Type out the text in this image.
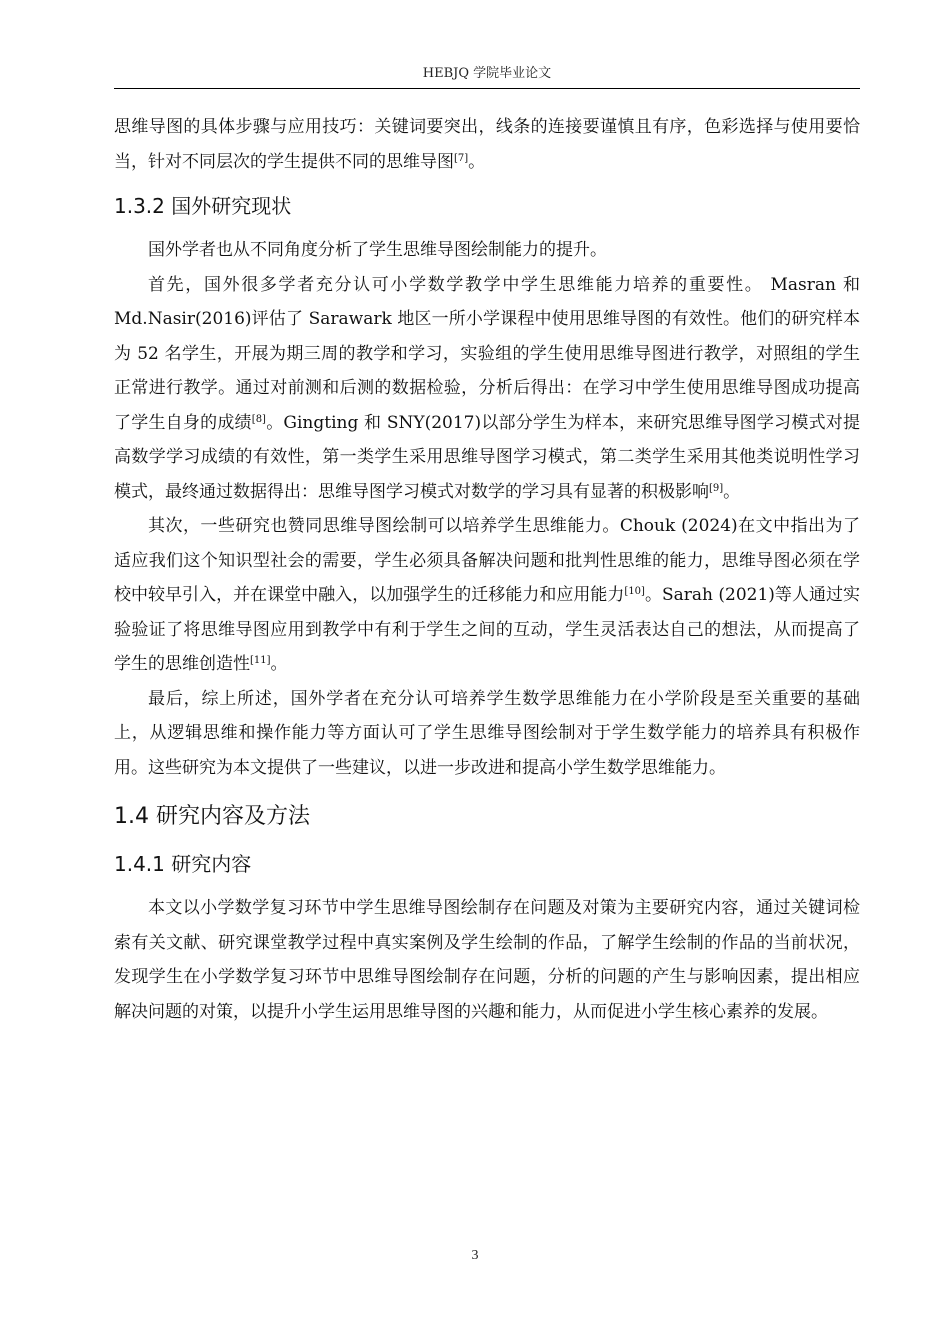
HEBJQ 学院毕业论文

思维导图的具体步骤与应用技巧：关键词要突出，线条的连接要谨慎且有序，色彩选择与使用要恰当，针对不同层次的学生提供不同的思维导图[7]。

1.3.2 国外研究现状

国外学者也从不同角度分析了学生思维导图绘制能力的提升。

首先，国外很多学者充分认可小学数学教学中学生思维能力培养的重要性。 Masran 和 Md.Nasir(2016)评估了 Sarawark 地区一所小学课程中使用思维导图的有效性。他们的研究样本为 52 名学生，开展为期三周的教学和学习，实验组的学生使用思维导图进行教学，对照组的学生正常进行教学。通过对前测和后测的数据检验，分析后得出：在学习中学生使用思维导图成功提高了学生自身的成绩[8]。Gingting 和 SNY(2017)以部分学生为样本，来研究思维导图学习模式对提高数学学习成绩的有效性，第一类学生采用思维导图学习模式，第二类学生采用其他类说明性学习模式，最终通过数据得出：思维导图学习模式对数学的学习具有显著的积极影响[9]。

其次，一些研究也赞同思维导图绘制可以培养学生思维能力。Chouk (2024)在文中指出为了适应我们这个知识型社会的需要，学生必须具备解决问题和批判性思维的能力，思维导图必须在学校中较早引入，并在课堂中融入，以加强学生的迁移能力和应用能力[10]。Sarah (2021)等人通过实验验证了将思维导图应用到教学中有利于学生之间的互动，学生灵活表达自己的想法，从而提高了学生的思维创造性[11]。

最后，综上所述，国外学者在充分认可培养学生数学思维能力在小学阶段是至关重要的基础上，从逻辑思维和操作能力等方面认可了学生思维导图绘制对于学生数学能力的培养具有积极作用。这些研究为本文提供了一些建议，以进一步改进和提高小学生数学思维能力。

1.4 研究内容及方法
1.4.1 研究内容

本文以小学数学复习环节中学生思维导图绘制存在问题及对策为主要研究内容，通过关键词检索有关文献、研究课堂教学过程中真实案例及学生绘制的作品，了解学生绘制的作品的当前状况，发现学生在小学数学复习环节中思维导图绘制存在问题，分析的问题的产生与影响因素，提出相应解决问题的对策，以提升小学生运用思维导图的兴趣和能力，从而促进小学生核心素养的发展。

3
